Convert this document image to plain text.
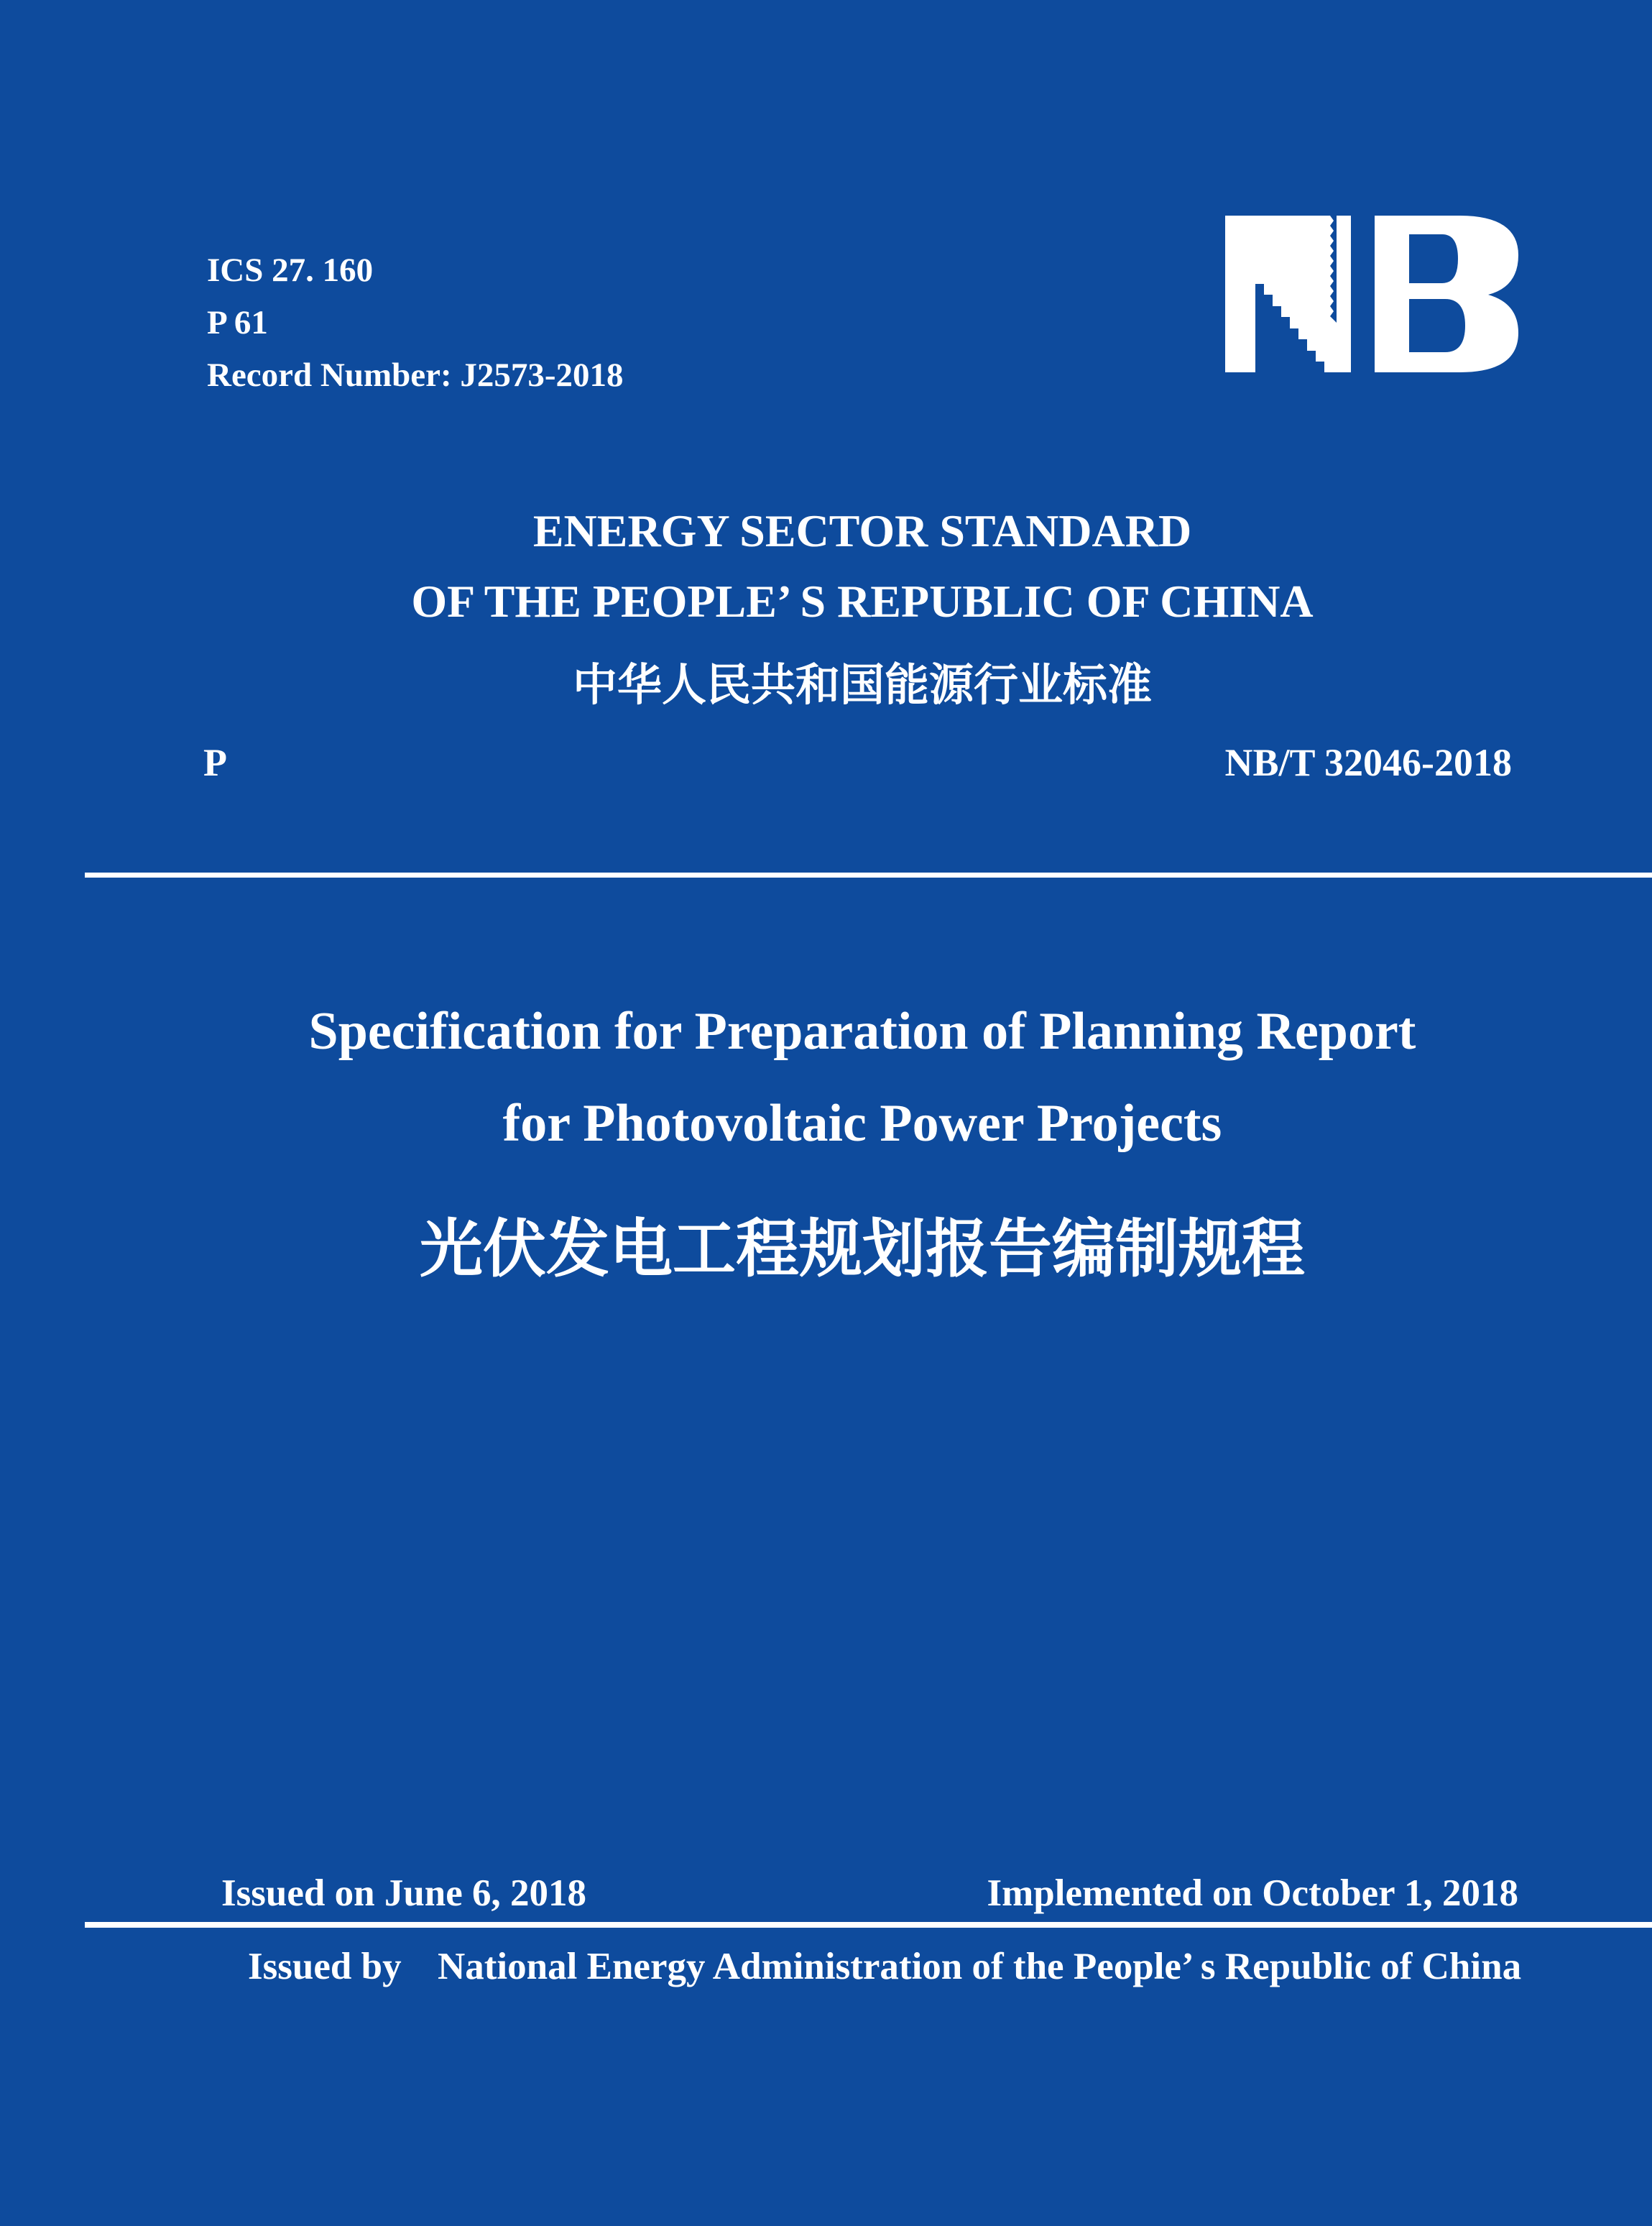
ICS 27. 160
P 61
Record Number: J2573-2018
ENERGY SECTOR STANDARD
OF THE PEOPLE’ S REPUBLIC OF CHINA
中华人民共和国能源行业标准
P	NB/T 32046-2018
Specification for Preparation of Planning Report
for Photovoltaic Power Projects
光伏发电工程规划报告编制规程
Issued on June 6, 2018	Implemented on October 1, 2018
Issued by National Energy Administration of the People’ s Republic of China
